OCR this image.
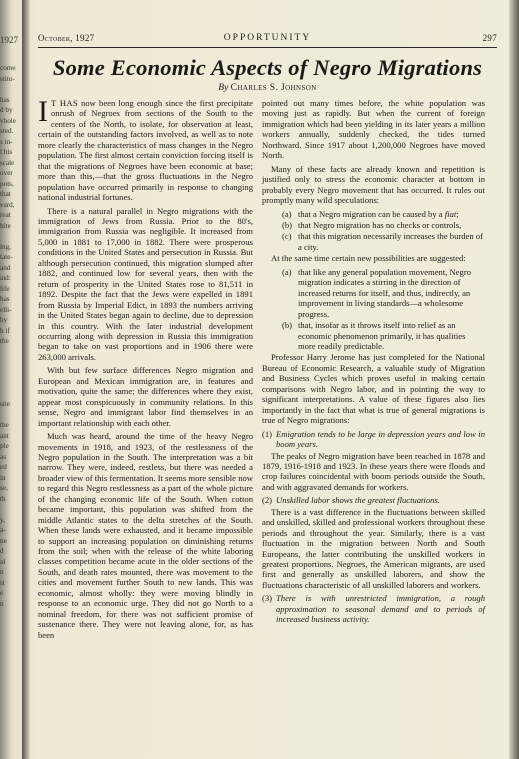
1927
come
stitu-
has
d by
vhole
sted.
s in-
l his
scale
over
pots,
that
vard,
reat
hite
ing,
tate-
and
aid:
life
has
elli-
by
h if
the
site
the
ant
ple
as
ed
in
se,
th
y,
a-
ne
d
al
n
st
e
n
October, 1927	OPPORTUNITY	297
Some Economic Aspects of Negro Migrations
By Charles S. Johnson

I T HAS now been long enough since the first precipitate onrush of Negroes from sections of the South to the centers of the North, to isolate, for observation at least, certain of the outstanding factors involved, as well as to note more clearly the characteristics of mass changes in the Negro population. The first almost certain conviction forcing itself is that the migrations of Negroes have been economic at base; more than this,—that the gross fluctuations in the Negro population have occurred primarily in response to changing national industrial fortunes.

There is a natural parallel in Negro migrations with the immigration of Jews from Russia. Prior to the 80's, immigration from Russia was negligible. It increased from 5,000 in 1881 to 17,000 in 1882. There were prosperous conditions in the United States and persecution in Russia. But although persecution continued, this migration slumped after 1882, and continued low for several years, then with the return of prosperity in the United States rose to 81,511 in 1892. Despite the fact that the Jews were expelled in 1891 from Russia by Imperial Edict, in 1893 the numbers arriving in the United States began again to decline, due to depression in this country. With the later industrial development occurring along with depression in Russia this immigration began to take on vast proportions and in 1906 there were 263,000 arrivals.

With but few surface differences Negro migration and European and Mexican immigration are, in features and motivation, quite the same; the differences where they exist, appear most conspicuously in community relations. In this sense, Negro and immigrant labor find themselves in an important relationship with each other.

Much was heard, around the time of the heavy Negro movements in 1918, and 1923, of the restlessness of the Negro population in the South. The interpretation was a bit narrow. They were, indeed, restless, but there was needed a broader view of this fermentation. It seems more sensible now to regard this Negro restlessness as a part of the whole picture of the changing economic life of the South. When cotton became important, this population was shifted from the middle Atlantic states to the delta stretches of the South. When these lands were exhausted, and it became impossible to support an increasing population on diminishing returns from the soil; when with the release of the white laboring classes competition became acute in the older sections of the South, and death rates mounted, there was movement to the cities and movement further South to new lands. This was economic, almost wholly: they were moving blindly in response to an economic urge. They did not go North to a nominal freedom, for there was not sufficient promise of sustenance there. They were not leaving alone, for, as has been

pointed out many times before, the white population was moving just as rapidly. But when the current of foreign immigration which had been yielding in its later years a million workers annually, suddenly checked, the tides turned Northward. Since 1917 about 1,200,000 Negroes have moved North.

Many of these facts are already known and repetition is justified only to stress the economic character at bottom in probably every Negro movement that has occurred. It rules out promptly many wild speculations:

(a) that a Negro migration can be caused by a fiat;
(b) that Negro migration has no checks or controls,
(c) that this migration necessarily increases the burden of a city.

At the same time certain new possibilities are suggested:

(a) that like any general population movement, Negro migration indicates a stirring in the direction of increased returns for itself, and thus, indirectly, an improvement in living standards—a wholesome progress.
(b) that, insofar as it throws itself into relief as an economic phenomenon primarily, it has qualities more readily predictable.

Professor Harry Jerome has just completed for the National Bureau of Economic Research, a valuable study of Migration and Business Cycles which proves useful in making certain comparisons with Negro labor, and in pointing the way to significant interpretations. A value of these figures also lies importantly in the fact that what is true of general migrations is true of Negro migrations:

(1) Emigration tends to be large in depression years and low in boom years.

The peaks of Negro migration have been reached in 1878 and 1879, 1916-1918 and 1923. In these years there were floods and crop failures coincidental with boom periods outside the South, and with aggravated demands for workers.

(2) Unskilled labor shows the greatest fluctuations.

There is a vast difference in the fluctuations between skilled and unskilled, skilled and professional workers throughout these periods and throughout the year. Similarly, there is a vast fluctuation in the migration between North and South Europeans, the latter contributing the unskilled workers in greatest proportions. Negroes, the American migrants, are used first and generally as unskilled laborers, and show the fluctuations characteristic of all unskilled laborers and workers.

(3) There is with unrestricted immigration, a rough approximation to seasonal demand and to periods of increased business activity.
